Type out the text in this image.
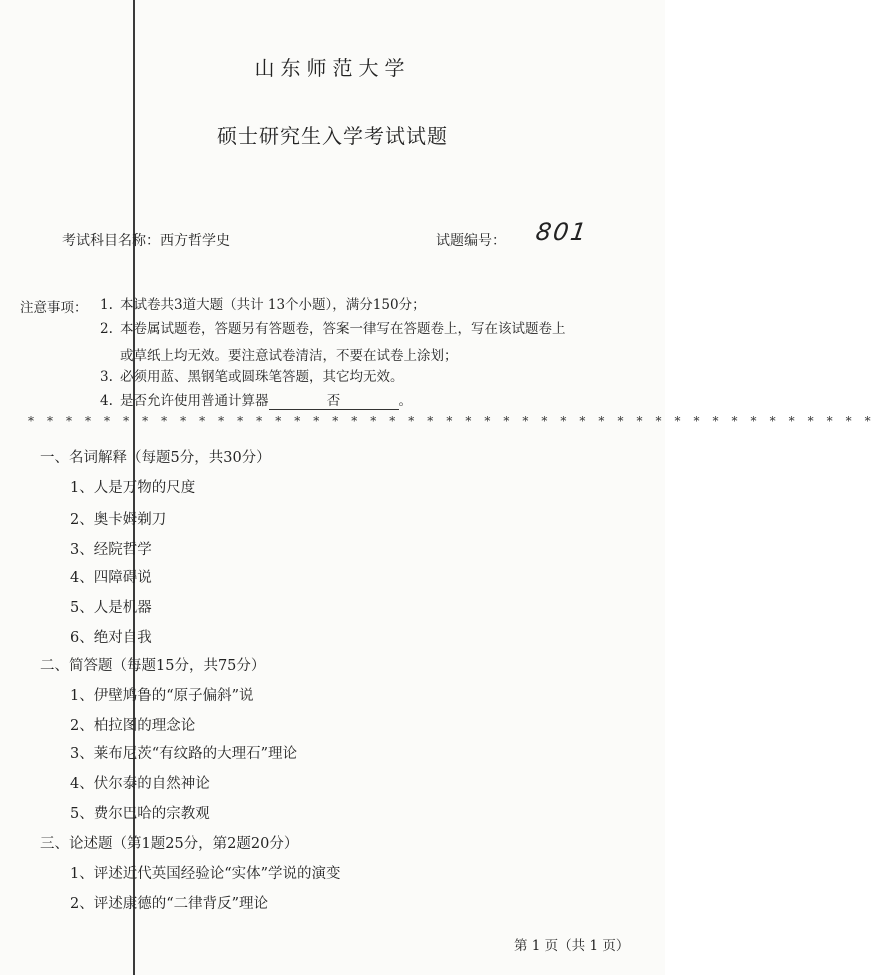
山东师范大学
硕士研究生入学考试试题
考试科目名称：西方哲学史	试题编号： 801
注意事项： 1. 本试卷共3道大题（共计 13个小题），满分150分；
2. 本卷属试题卷，答题另有答题卷，答案一律写在答题卷上，写在该试题卷上
或草纸上均无效。要注意试卷清洁，不要在试卷上涂划；
3. 必须用蓝、黑钢笔或圆珠笔答题，其它均无效。
4. 是否允许使用普通计算器	否	。
* * * * * * * * * * * * * * * * * * * * * * * * * * * * * * * * * * * * * * * * * * * * *
一、名词解释（每题5分，共30分）
1、人是万物的尺度
2、奥卡姆剃刀
3、经院哲学
4、四障碍说
5、人是机器
6、绝对自我
二、简答题（每题15分，共75分）
1、伊壁鸠鲁的“原子偏斜”说
2、柏拉图的理念论
3、莱布尼茨“有纹路的大理石”理论
4、伏尔泰的自然神论
5、费尔巴哈的宗教观
三、论述题（第1题25分，第2题20分）
1、评述近代英国经验论“实体”学说的演变
2、评述康德的“二律背反”理论
第 1 页（共 1 页）
